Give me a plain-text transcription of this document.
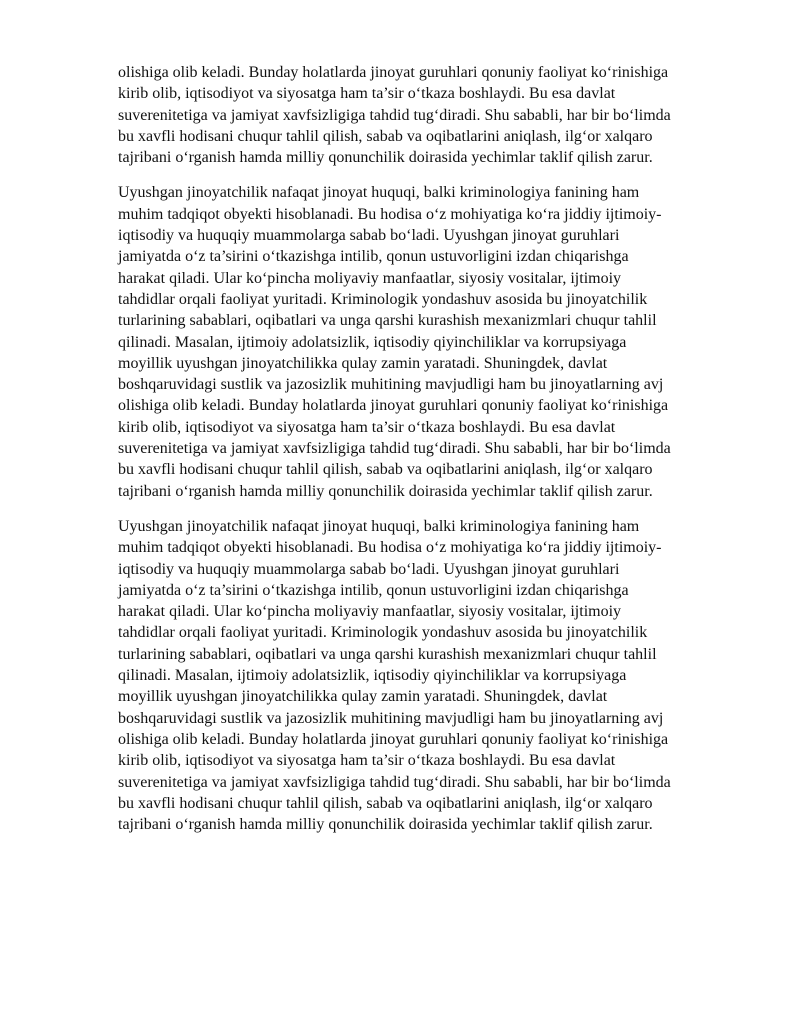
olishiga olib keladi. Bunday holatlarda jinoyat guruhlari qonuniy faoliyat ko‘rinishiga
kirib olib, iqtisodiyot va siyosatga ham ta’sir o‘tkaza boshlaydi. Bu esa davlat
suverenitetiga va jamiyat xavfsizligiga tahdid tug‘diradi. Shu sababli, har bir bo‘limda
bu xavfli hodisani chuqur tahlil qilish, sabab va oqibatlarini aniqlash, ilg‘or xalqaro
tajribani o‘rganish hamda milliy qonunchilik doirasida yechimlar taklif qilish zarur.
Uyushgan jinoyatchilik nafaqat jinoyat huquqi, balki kriminologiya fanining ham
muhim tadqiqot obyekti hisoblanadi. Bu hodisa o‘z mohiyatiga ko‘ra jiddiy ijtimoiy-
iqtisodiy va huquqiy muammolarga sabab bo‘ladi. Uyushgan jinoyat guruhlari
jamiyatda o‘z ta’sirini o‘tkazishga intilib, qonun ustuvorligini izdan chiqarishga
harakat qiladi. Ular ko‘pincha moliyaviy manfaatlar, siyosiy vositalar, ijtimoiy
tahdidlar orqali faoliyat yuritadi. Kriminologik yondashuv asosida bu jinoyatchilik
turlarining sabablari, oqibatlari va unga qarshi kurashish mexanizmlari chuqur tahlil
qilinadi. Masalan, ijtimoiy adolatsizlik, iqtisodiy qiyinchiliklar va korrupsiyaga
moyillik uyushgan jinoyatchilikka qulay zamin yaratadi. Shuningdek, davlat
boshqaruvidagi sustlik va jazosizlik muhitining mavjudligi ham bu jinoyatlarning avj
olishiga olib keladi. Bunday holatlarda jinoyat guruhlari qonuniy faoliyat ko‘rinishiga
kirib olib, iqtisodiyot va siyosatga ham ta’sir o‘tkaza boshlaydi. Bu esa davlat
suverenitetiga va jamiyat xavfsizligiga tahdid tug‘diradi. Shu sababli, har bir bo‘limda
bu xavfli hodisani chuqur tahlil qilish, sabab va oqibatlarini aniqlash, ilg‘or xalqaro
tajribani o‘rganish hamda milliy qonunchilik doirasida yechimlar taklif qilish zarur.
Uyushgan jinoyatchilik nafaqat jinoyat huquqi, balki kriminologiya fanining ham
muhim tadqiqot obyekti hisoblanadi. Bu hodisa o‘z mohiyatiga ko‘ra jiddiy ijtimoiy-
iqtisodiy va huquqiy muammolarga sabab bo‘ladi. Uyushgan jinoyat guruhlari
jamiyatda o‘z ta’sirini o‘tkazishga intilib, qonun ustuvorligini izdan chiqarishga
harakat qiladi. Ular ko‘pincha moliyaviy manfaatlar, siyosiy vositalar, ijtimoiy
tahdidlar orqali faoliyat yuritadi. Kriminologik yondashuv asosida bu jinoyatchilik
turlarining sabablari, oqibatlari va unga qarshi kurashish mexanizmlari chuqur tahlil
qilinadi. Masalan, ijtimoiy adolatsizlik, iqtisodiy qiyinchiliklar va korrupsiyaga
moyillik uyushgan jinoyatchilikka qulay zamin yaratadi. Shuningdek, davlat
boshqaruvidagi sustlik va jazosizlik muhitining mavjudligi ham bu jinoyatlarning avj
olishiga olib keladi. Bunday holatlarda jinoyat guruhlari qonuniy faoliyat ko‘rinishiga
kirib olib, iqtisodiyot va siyosatga ham ta’sir o‘tkaza boshlaydi. Bu esa davlat
suverenitetiga va jamiyat xavfsizligiga tahdid tug‘diradi. Shu sababli, har bir bo‘limda
bu xavfli hodisani chuqur tahlil qilish, sabab va oqibatlarini aniqlash, ilg‘or xalqaro
tajribani o‘rganish hamda milliy qonunchilik doirasida yechimlar taklif qilish zarur.
